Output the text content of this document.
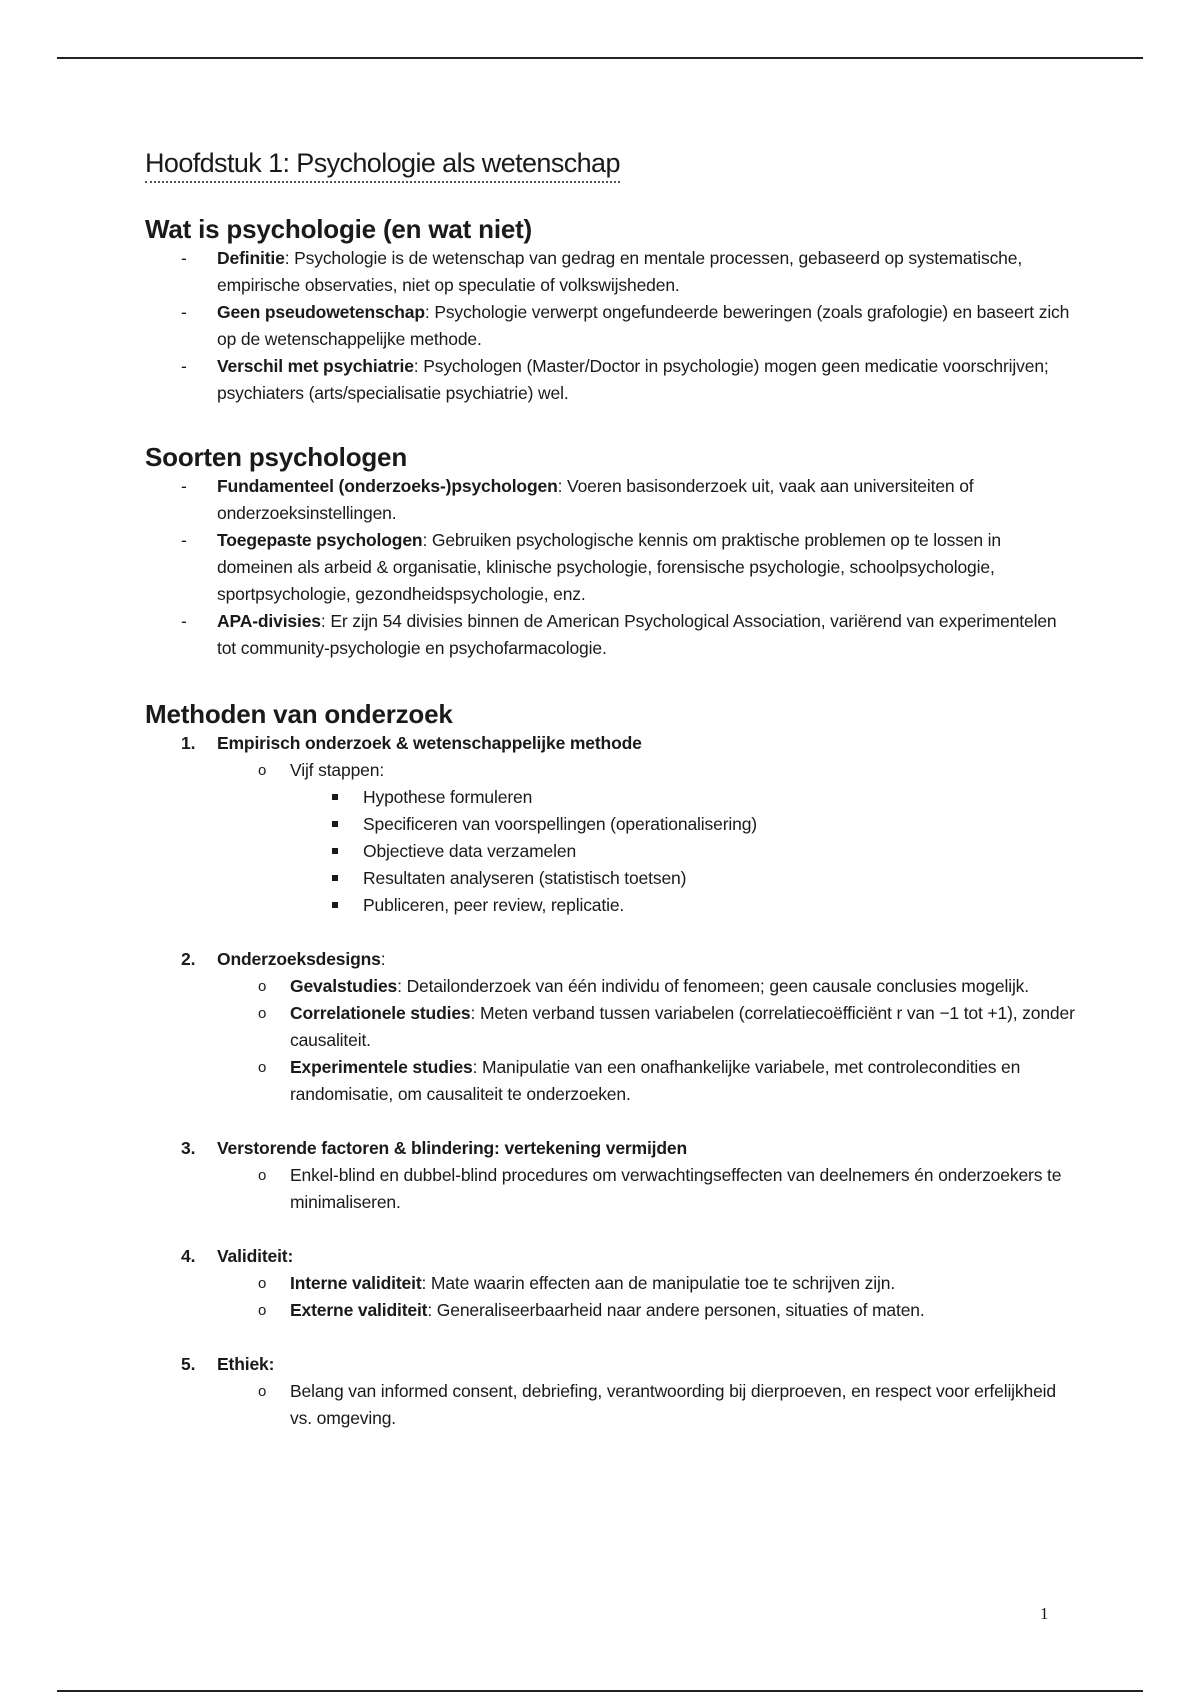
Hoofdstuk 1: Psychologie als wetenschap
Wat is psychologie (en wat niet)
- Definitie: Psychologie is de wetenschap van gedrag en mentale processen, gebaseerd op systematische, empirische observaties, niet op speculatie of volkswijsheden.
- Geen pseudowetenschap: Psychologie verwerpt ongefundeerde beweringen (zoals grafologie) en baseert zich op de wetenschappelijke methode.
- Verschil met psychiatrie: Psychologen (Master/Doctor in psychologie) mogen geen medicatie voorschrijven; psychiaters (arts/specialisatie psychiatrie) wel.
Soorten psychologen
- Fundamenteel (onderzoeks-)psychologen: Voeren basisonderzoek uit, vaak aan universiteiten of onderzoeksinstellingen.
- Toegepaste psychologen: Gebruiken psychologische kennis om praktische problemen op te lossen in domeinen als arbeid & organisatie, klinische psychologie, forensische psychologie, schoolpsychologie, sportpsychologie, gezondheidspsychologie, enz.
- APA-divisies: Er zijn 54 divisies binnen de American Psychological Association, variërend van experimentelen tot community-psychologie en psychofarmacologie.
Methoden van onderzoek
1. Empirisch onderzoek & wetenschappelijke methode
o Vijf stappen:
Hypothese formuleren
Specificeren van voorspellingen (operationalisering)
Objectieve data verzamelen
Resultaten analyseren (statistisch toetsen)
Publiceren, peer review, replicatie.
2. Onderzoeksdesigns:
o Gevalstudies: Detailonderzoek van één individu of fenomeen; geen causale conclusies mogelijk.
o Correlationele studies: Meten verband tussen variabelen (correlatiecoëfficiënt r van −1 tot +1), zonder causaliteit.
o Experimentele studies: Manipulatie van een onafhankelijke variabele, met controlecondities en randomisatie, om causaliteit te onderzoeken.
3. Verstorende factoren & blindering: vertekening vermijden
o Enkel-blind en dubbel-blind procedures om verwachtingseffecten van deelnemers én onderzoekers te minimaliseren.
4. Validiteit:
o Interne validiteit: Mate waarin effecten aan de manipulatie toe te schrijven zijn.
o Externe validiteit: Generaliseerbaarheid naar andere personen, situaties of maten.
5. Ethiek:
o Belang van informed consent, debriefing, verantwoording bij dierproeven, en respect voor erfelijkheid vs. omgeving.
1
